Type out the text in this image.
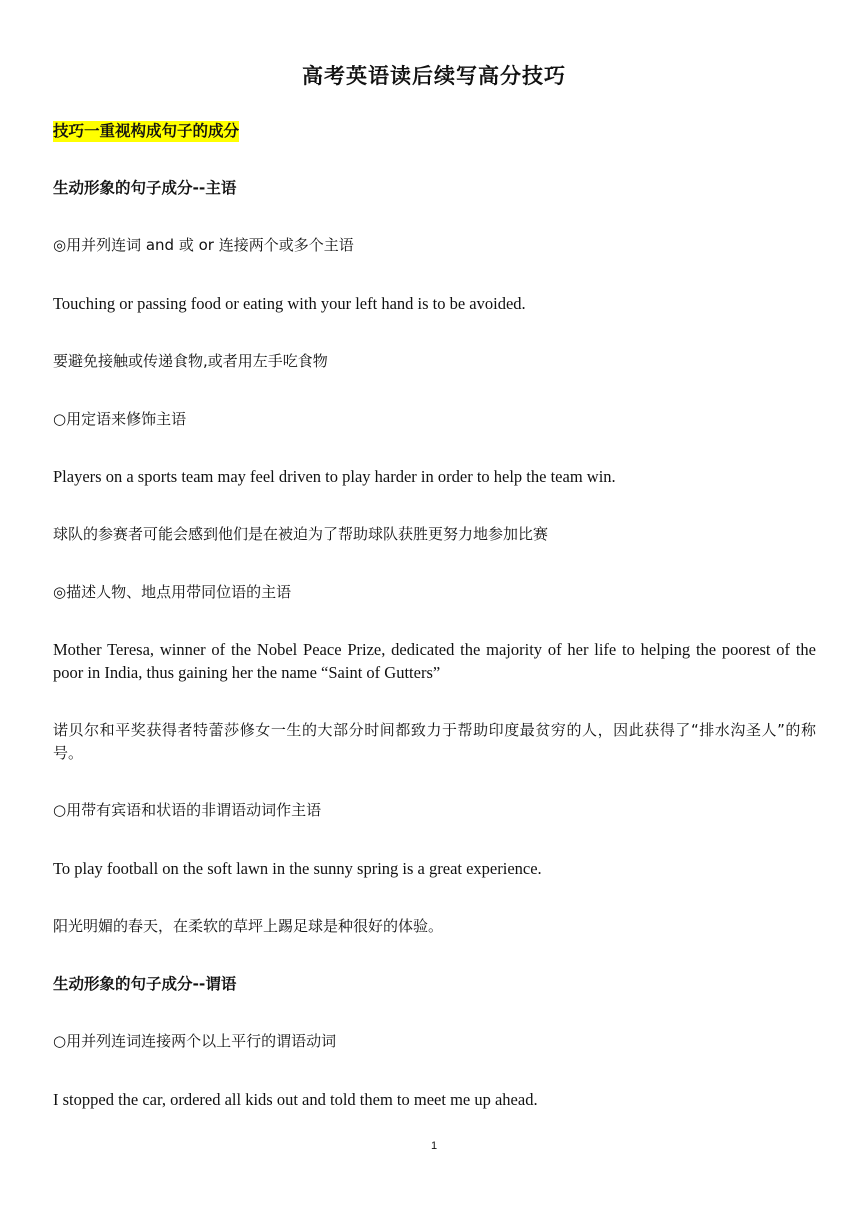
高考英语读后续写高分技巧
技巧一重视构成句子的成分
生动形象的句子成分--主语
◎用并列连词 and 或 or 连接两个或多个主语
Touching or passing food or eating with your left hand is to be avoided.
要避免接触或传递食物,或者用左手吃食物
○用定语来修饰主语
Players on a sports team may feel driven to play harder in order to help the team win.
球队的参赛者可能会感到他们是在被迫为了帮助球队获胜更努力地参加比赛
◎描述人物、地点用带同位语的主语
Mother Teresa, winner of the Nobel Peace Prize, dedicated the majority of her life to helping the poorest of the poor in India, thus gaining her the name “Saint of Gutters”
诺贝尔和平奖获得者特蕾莎修女一生的大部分时间都致力于帮助印度最贫穷的人，因此获得了“排水沟圣人”的称号。
○用带有宾语和状语的非谓语动词作主语
To play football on the soft lawn in the sunny spring is a great experience.
阳光明媚的春天，在柔软的草坪上踢足球是种很好的体验。
生动形象的句子成分--谓语
○用并列连词连接两个以上平行的谓语动词
I stopped the car, ordered all kids out and told them to meet me up ahead.
1
